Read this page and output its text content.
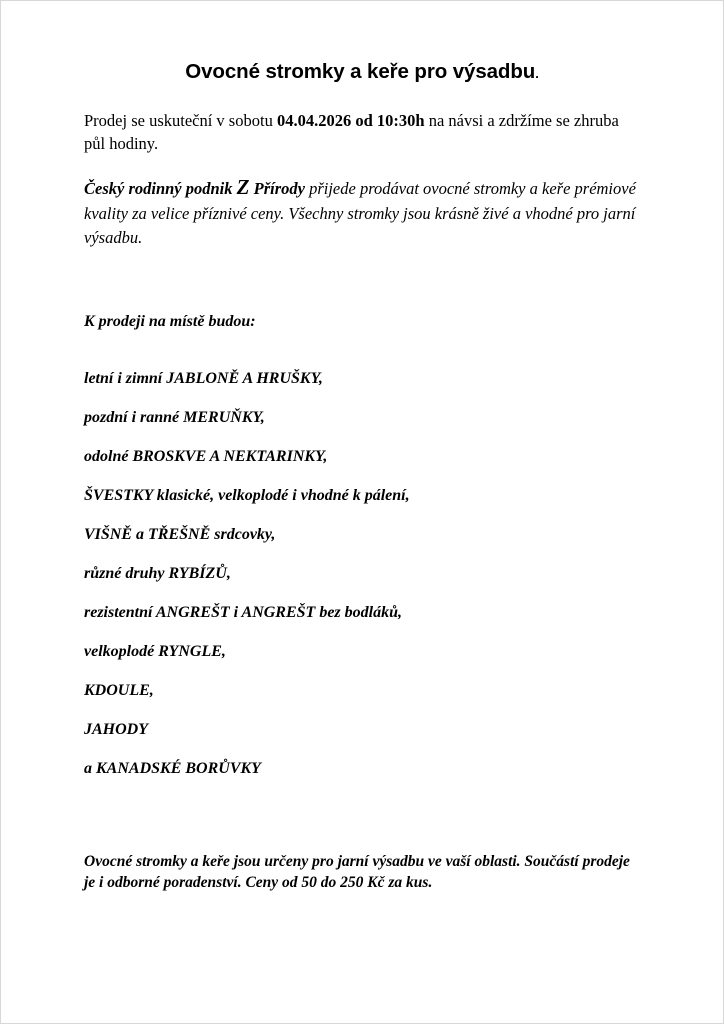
Ovocné stromky a keře pro výsadbu.

Prodej se uskuteční v sobotu 04.04.2026 od 10:30h na návsi a zdržíme se zhruba půl hodiny.

Český rodinný podnik Z Přírody přijede prodávat ovocné stromky a keře prémiové kvality za velice příznivé ceny. Všechny stromky jsou krásně živé a vhodné pro jarní výsadbu.

K prodeji na místě budou:

letní i zimní JABLONĚ A HRUŠKY,
pozdní i ranné MERUŇKY,
odolné BROSKVE A NEKTARINKY,
ŠVESTKY klasické, velkoplodé i vhodné k pálení,
VIŠNĚ a TŘEŠNĚ srdcovky,
různé druhy RYBÍZŮ,
rezistentní ANGREŠT i ANGREŠT bez bodláků,
velkoplodé RYNGLE,
KDOULE,
JAHODY
a KANADSKÉ BORŮVKY

Ovocné stromky a keře jsou určeny pro jarní výsadbu ve vaší oblasti. Součástí prodeje je i odborné poradenství. Ceny od 50 do 250 Kč za kus.
